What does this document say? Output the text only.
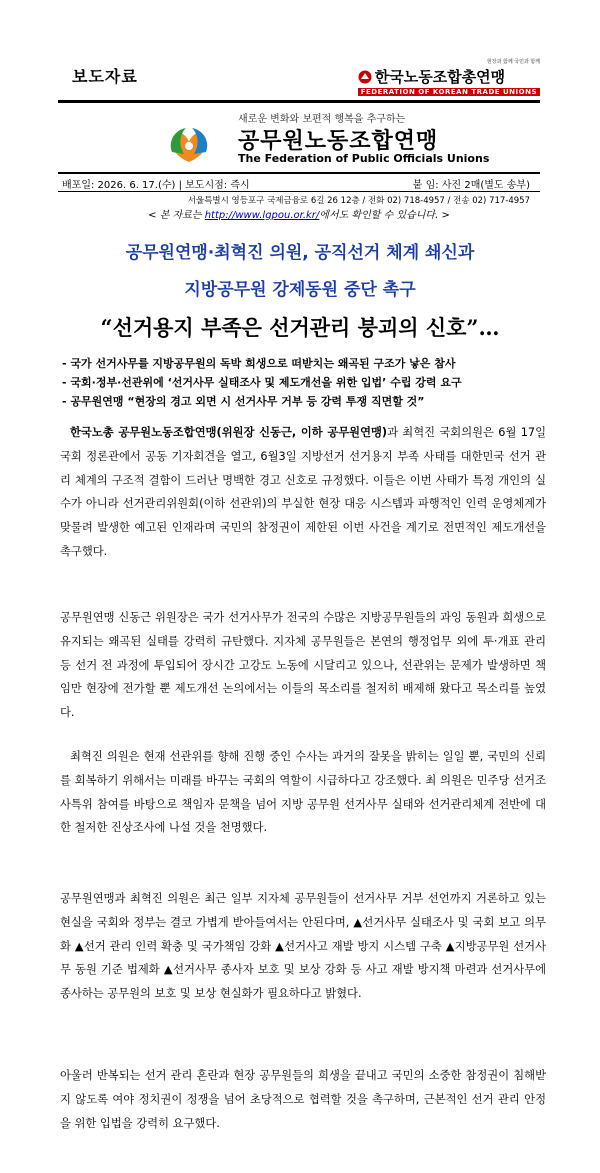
보도자료
현장과 함께 국민과 함께
한국노동조합총연맹
FEDERATION OF KOREAN TRADE UNIONS
새로운 변화와 보편적 행복을 추구하는
공무원노동조합연맹
The Federation of Public Officials Unions
배포일: 2026. 6. 17.(수) | 보도시점: 즉시	붙 임: 사진 2매(별도 송부)
서울특별시 영등포구 국제금융로 6길 26 12층 / 전화 02) 718-4957 / 전송 02) 717-4957
< 본 자료는 http://www.lgpou.or.kr/에서도 확인할 수 있습니다. >
공무원연맹·최혁진 의원, 공직선거 체계 쇄신과
지방공무원 강제동원 중단 촉구
“선거용지 부족은 선거관리 붕괴의 신호”…
- 국가 선거사무를 지방공무원의 독박 희생으로 떠받치는 왜곡된 구조가 낳은 참사
- 국회·정부·선관위에 ‘선거사무 실태조사 및 제도개선을 위한 입법’ 수립 강력 요구
- 공무원연맹 “현장의 경고 외면 시 선거사무 거부 등 강력 투쟁 직면할 것”
한국노총 공무원노동조합연맹(위원장 신동근, 이하 공무원연맹)과 최혁진 국회의원은 6월 17일 국회 정론관에서 공동 기자회견을 열고, 6월3일 지방선거 선거용지 부족 사태를 대한민국 선거 관리 체계의 구조적 결함이 드러난 명백한 경고 신호로 규정했다. 이들은 이번 사태가 특정 개인의 실수가 아니라 선거관리위원회(이하 선관위)의 부실한 현장 대응 시스템과 파행적인 인력 운영체계가 맞물려 발생한 예고된 인재라며 국민의 참정권이 제한된 이번 사건을 계기로 전면적인 제도개선을 촉구했다.
공무원연맹 신동근 위원장은 국가 선거사무가 전국의 수많은 지방공무원들의 과잉 동원과 희생으로 유지되는 왜곡된 실태를 강력히 규탄했다. 지자체 공무원들은 본연의 행정업무 외에 투·개표 관리 등 선거 전 과정에 투입되어 장시간 고강도 노동에 시달리고 있으나, 선관위는 문제가 발생하면 책임만 현장에 전가할 뿐 제도개선 논의에서는 이들의 목소리를 철저히 배제해 왔다고 목소리를 높였다.
최혁진 의원은 현재 선관위를 향해 진행 중인 수사는 과거의 잘못을 밝히는 일일 뿐, 국민의 신뢰를 회복하기 위해서는 미래를 바꾸는 국회의 역할이 시급하다고 강조했다. 최 의원은 민주당 선거조사특위 참여를 바탕으로 책임자 문책을 넘어 지방 공무원 선거사무 실태와 선거관리체계 전반에 대한 철저한 진상조사에 나설 것을 천명했다.
공무원연맹과 최혁진 의원은 최근 일부 지자체 공무원들이 선거사무 거부 선언까지 거론하고 있는 현실을 국회와 정부는 결코 가볍게 받아들여서는 안된다며, ▲선거사무 실태조사 및 국회 보고 의무화 ▲선거 관리 인력 확충 및 국가책임 강화 ▲선거사고 재발 방지 시스템 구축 ▲지방공무원 선거사무 동원 기준 법제화 ▲선거사무 종사자 보호 및 보상 강화 등 사고 재발 방지책 마련과 선거사무에 종사하는 공무원의 보호 및 보상 현실화가 필요하다고 밝혔다.
아울러 반복되는 선거 관리 혼란과 현장 공무원들의 희생을 끝내고 국민의 소중한 참정권이 침해받지 않도록 여야 정치권이 정쟁을 넘어 초당적으로 협력할 것을 촉구하며, 근본적인 선거 관리 안정을 위한 입법을 강력히 요구했다.
